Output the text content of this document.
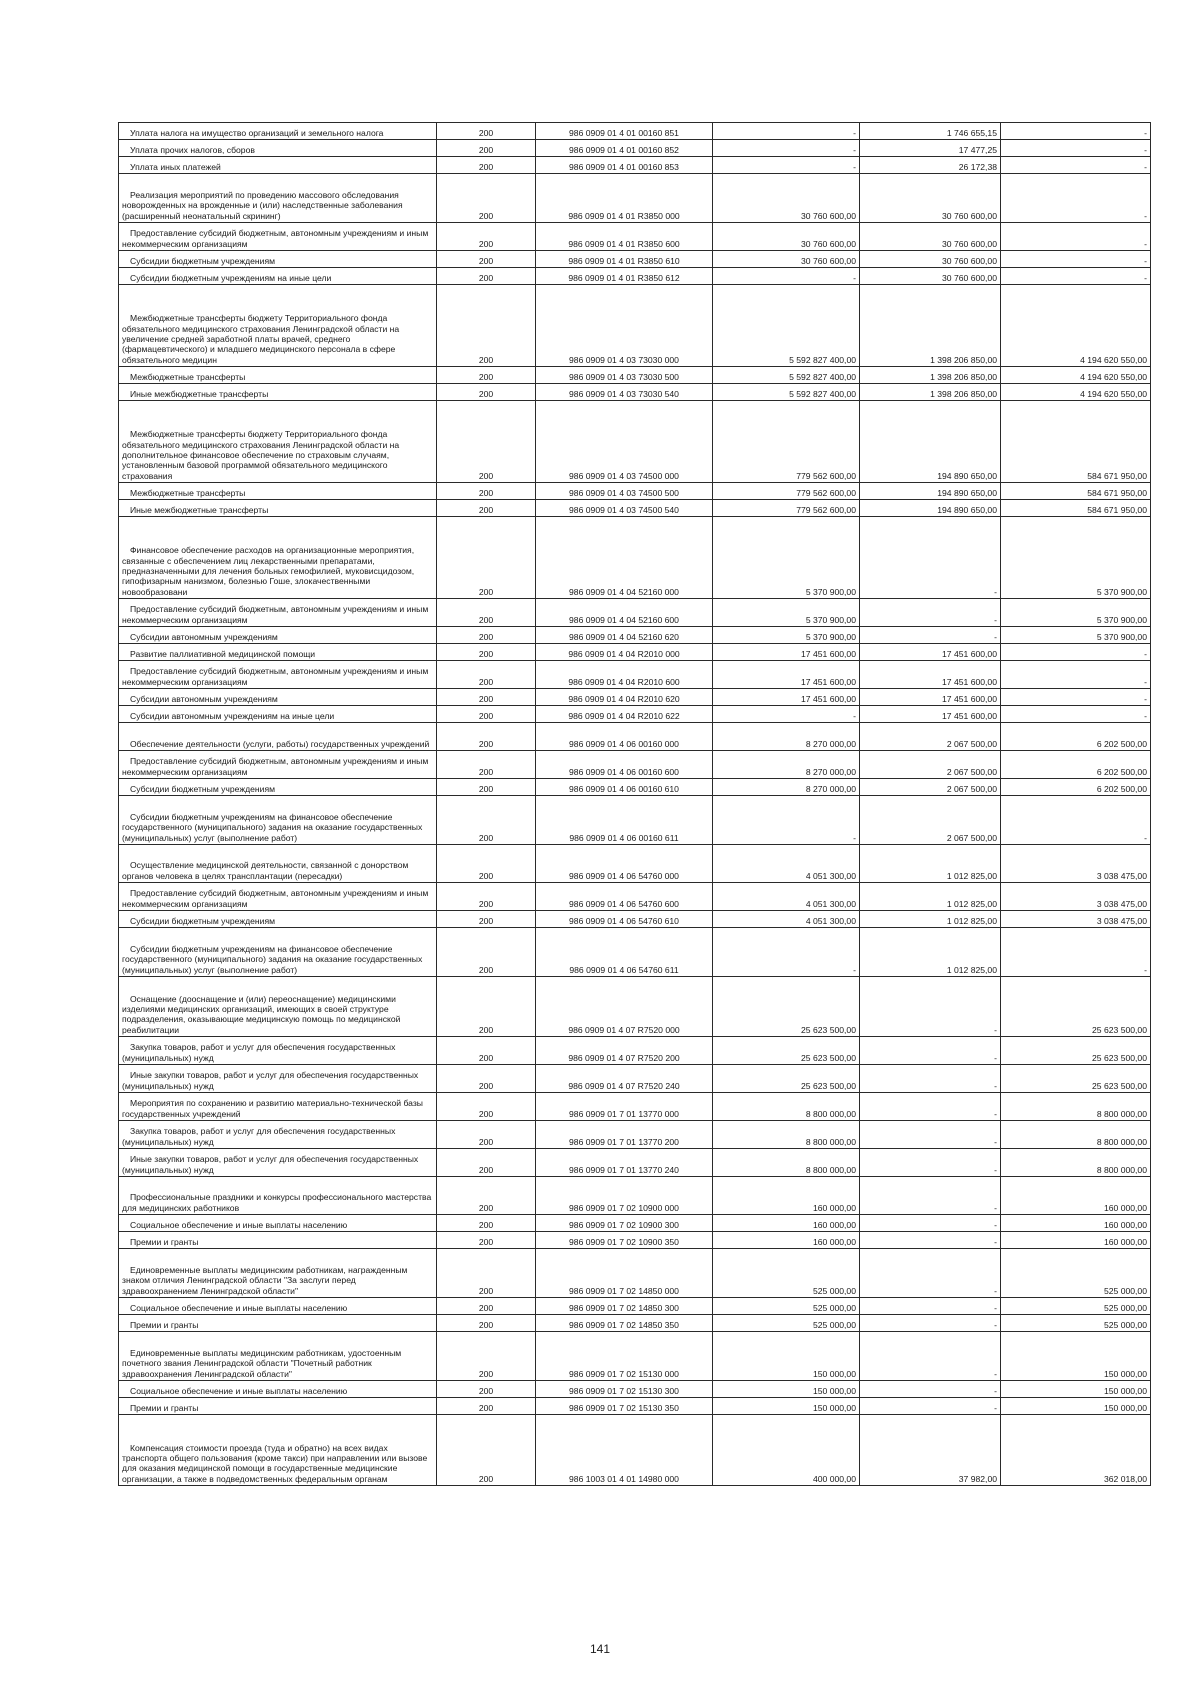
Уплата налога на имущество организаций и земельного налога	200	986 0909 01 4 01 00160 851	-	1 746 655,15	-

Уплата прочих налогов, сборов	200	986 0909 01 4 01 00160 852	-	17 477,25	-

Уплата иных платежей	200	986 0909 01 4 01 00160 853	-	26 172,38	-

Реализация мероприятий по проведению массового обследования новорожденных на врожденные и (или) наследственные заболевания (расширенный неонатальный скрининг)	200	986 0909 01 4 01 R3850 000	30 760 600,00	30 760 600,00	-

Предоставление субсидий бюджетным, автономным учреждениям и иным некоммерческим организациям	200	986 0909 01 4 01 R3850 600	30 760 600,00	30 760 600,00	-

Субсидии бюджетным учреждениям	200	986 0909 01 4 01 R3850 610	30 760 600,00	30 760 600,00	-

Субсидии бюджетным учреждениям на иные цели	200	986 0909 01 4 01 R3850 612	-	30 760 600,00	-

Межбюджетные трансферты бюджету Территориального фонда обязательного медицинского страхования Ленинградской области на увеличение средней заработной платы врачей, среднего (фармацевтического) и младшего медицинского персонала в сфере обязательного медицин	200	986 0909 01 4 03 73030 000	5 592 827 400,00	1 398 206 850,00	4 194 620 550,00

Межбюджетные трансферты	200	986 0909 01 4 03 73030 500	5 592 827 400,00	1 398 206 850,00	4 194 620 550,00

Иные межбюджетные трансферты	200	986 0909 01 4 03 73030 540	5 592 827 400,00	1 398 206 850,00	4 194 620 550,00

Межбюджетные трансферты бюджету Территориального фонда обязательного медицинского страхования Ленинградской области на дополнительное финансовое обеспечение по страховым случаям, установленным базовой программой обязательного медицинского страхования	200	986 0909 01 4 03 74500 000	779 562 600,00	194 890 650,00	584 671 950,00

Межбюджетные трансферты	200	986 0909 01 4 03 74500 500	779 562 600,00	194 890 650,00	584 671 950,00

Иные межбюджетные трансферты	200	986 0909 01 4 03 74500 540	779 562 600,00	194 890 650,00	584 671 950,00

Финансовое обеспечение расходов на организационные мероприятия, связанные с обеспечением лиц лекарственными препаратами, предназначенными для лечения больных гемофилией, муковисцидозом, гипофизарным нанизмом, болезнью Гоше, злокачественными новообразовани	200	986 0909 01 4 04 52160 000	5 370 900,00	-	5 370 900,00

Предоставление субсидий бюджетным, автономным учреждениям и иным некоммерческим организациям	200	986 0909 01 4 04 52160 600	5 370 900,00	-	5 370 900,00

Субсидии автономным учреждениям	200	986 0909 01 4 04 52160 620	5 370 900,00	-	5 370 900,00

Развитие паллиативной медицинской помощи	200	986 0909 01 4 04 R2010 000	17 451 600,00	17 451 600,00	-

Предоставление субсидий бюджетным, автономным учреждениям и иным некоммерческим организациям	200	986 0909 01 4 04 R2010 600	17 451 600,00	17 451 600,00	-

Субсидии автономным учреждениям	200	986 0909 01 4 04 R2010 620	17 451 600,00	17 451 600,00	-

Субсидии автономным учреждениям на иные цели	200	986 0909 01 4 04 R2010 622	-	17 451 600,00	-

Обеспечение деятельности (услуги, работы) государственных учреждений	200	986 0909 01 4 06 00160 000	8 270 000,00	2 067 500,00	6 202 500,00

Предоставление субсидий бюджетным, автономным учреждениям и иным некоммерческим организациям	200	986 0909 01 4 06 00160 600	8 270 000,00	2 067 500,00	6 202 500,00

Субсидии бюджетным учреждениям	200	986 0909 01 4 06 00160 610	8 270 000,00	2 067 500,00	6 202 500,00

Субсидии бюджетным учреждениям на финансовое обеспечение государственного (муниципального) задания на оказание государственных (муниципальных) услуг (выполнение работ)	200	986 0909 01 4 06 00160 611	-	2 067 500,00	-

Осуществление медицинской деятельности, связанной с донорством органов человека в целях трансплантации (пересадки)	200	986 0909 01 4 06 54760 000	4 051 300,00	1 012 825,00	3 038 475,00

Предоставление субсидий бюджетным, автономным учреждениям и иным некоммерческим организациям	200	986 0909 01 4 06 54760 600	4 051 300,00	1 012 825,00	3 038 475,00

Субсидии бюджетным учреждениям	200	986 0909 01 4 06 54760 610	4 051 300,00	1 012 825,00	3 038 475,00

Субсидии бюджетным учреждениям на финансовое обеспечение государственного (муниципального) задания на оказание государственных (муниципальных) услуг (выполнение работ)	200	986 0909 01 4 06 54760 611	-	1 012 825,00	-

Оснащение (дооснащение и (или) переоснащение) медицинскими изделиями медицинских организаций, имеющих в своей структуре подразделения, оказывающие медицинскую помощь по медицинской реабилитации	200	986 0909 01 4 07 R7520 000	25 623 500,00	-	25 623 500,00

Закупка товаров, работ и услуг для обеспечения государственных (муниципальных) нужд	200	986 0909 01 4 07 R7520 200	25 623 500,00	-	25 623 500,00

Иные закупки товаров, работ и услуг для обеспечения государственных (муниципальных) нужд	200	986 0909 01 4 07 R7520 240	25 623 500,00	-	25 623 500,00

Мероприятия по сохранению и развитию материально-технической базы государственных учреждений	200	986 0909 01 7 01 13770 000	8 800 000,00	-	8 800 000,00

Закупка товаров, работ и услуг для обеспечения государственных (муниципальных) нужд	200	986 0909 01 7 01 13770 200	8 800 000,00	-	8 800 000,00

Иные закупки товаров, работ и услуг для обеспечения государственных (муниципальных) нужд	200	986 0909 01 7 01 13770 240	8 800 000,00	-	8 800 000,00

Профессиональные праздники и конкурсы профессионального мастерства для медицинских работников	200	986 0909 01 7 02 10900 000	160 000,00	-	160 000,00

Социальное обеспечение и иные выплаты населению	200	986 0909 01 7 02 10900 300	160 000,00	-	160 000,00

Премии и гранты	200	986 0909 01 7 02 10900 350	160 000,00	-	160 000,00

Единовременные выплаты медицинским работникам, награжденным знаком отличия Ленинградской области "За заслуги перед здравоохранением Ленинградской области"	200	986 0909 01 7 02 14850 000	525 000,00	-	525 000,00

Социальное обеспечение и иные выплаты населению	200	986 0909 01 7 02 14850 300	525 000,00	-	525 000,00

Премии и гранты	200	986 0909 01 7 02 14850 350	525 000,00	-	525 000,00

Единовременные выплаты медицинским работникам, удостоенным почетного звания Ленинградской области "Почетный работник здравоохранения Ленинградской области"	200	986 0909 01 7 02 15130 000	150 000,00	-	150 000,00

Социальное обеспечение и иные выплаты населению	200	986 0909 01 7 02 15130 300	150 000,00	-	150 000,00

Премии и гранты	200	986 0909 01 7 02 15130 350	150 000,00	-	150 000,00

Компенсация стоимости проезда (туда и обратно) на всех видах транспорта общего пользования (кроме такси) при направлении или вызове для оказания медицинской помощи в государственные медицинские организации, а также в подведомственных федеральным органам	200	986 1003 01 4 01 14980 000	400 000,00	37 982,00	362 018,00
141
